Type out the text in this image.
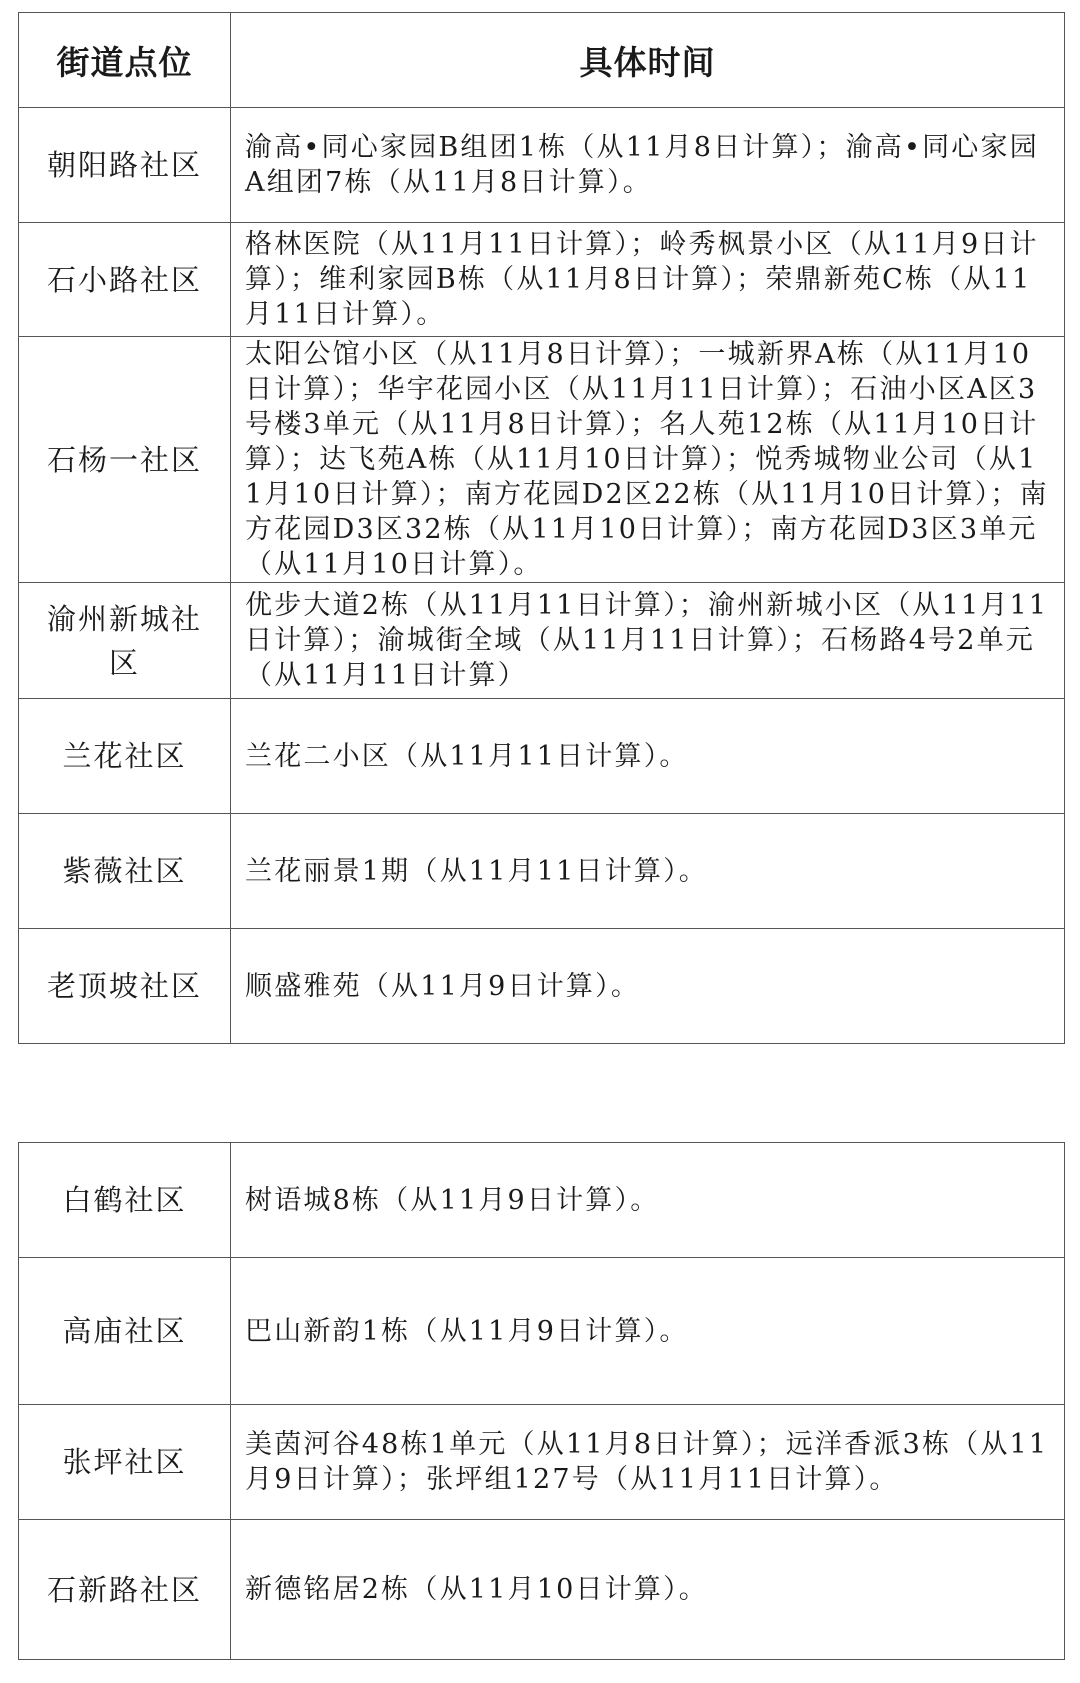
街道点位	具体时间
朝阳路社区	渝高•同心家园B组团1栋（从11月8日计算）；渝高•同心家园A组团7栋（从11月8日计算）。
石小路社区	格林医院（从11月11日计算）；岭秀枫景小区（从11月9日计算）；维利家园B栋（从11月8日计算）；荣鼎新苑C栋（从11月11日计算）。
石杨一社区	太阳公馆小区（从11月8日计算）；一城新界A栋（从11月10日计算）；华宇花园小区（从11月11日计算）；石油小区A区3号楼3单元（从11月8日计算）；名人苑12栋（从11月10日计算）；达飞苑A栋（从11月10日计算）；悦秀城物业公司（从11月10日计算）；南方花园D2区22栋（从11月10日计算）；南方花园D3区32栋（从11月10日计算）；南方花园D3区3单元（从11月10日计算）。
渝州新城社区	优步大道2栋（从11月11日计算）；渝州新城小区（从11月11日计算）；渝城街全域（从11月11日计算）；石杨路4号2单元（从11月11日计算）
兰花社区	兰花二小区（从11月11日计算）。
紫薇社区	兰花丽景1期（从11月11日计算）。
老顶坡社区	顺盛雅苑（从11月9日计算）。
白鹤社区	树语城8栋（从11月9日计算）。
高庙社区	巴山新韵1栋（从11月9日计算）。
张坪社区	美茵河谷48栋1单元（从11月8日计算）；远洋香派3栋（从11月9日计算）；张坪组127号（从11月11日计算）。
石新路社区	新德铭居2栋（从11月10日计算）。
